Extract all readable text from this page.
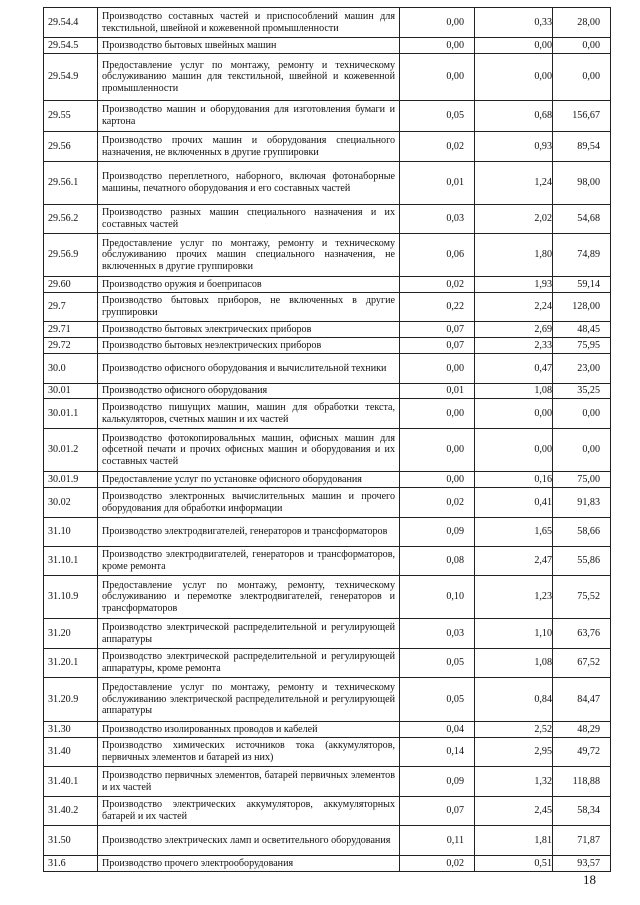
29.54.4	Производство составных частей и приспособлений машин для текстильной, швейной и кожевенной промышленности	0,00	0,33	28,00
29.54.5	Производство бытовых швейных машин	0,00	0,00	0,00
29.54.9	Предоставление услуг по монтажу, ремонту и техническому обслуживанию машин для текстильной, швейной и кожевенной промышленности	0,00	0,00	0,00
29.55	Производство машин и оборудования для изготовления бумаги и картона	0,05	0,68	156,67
29.56	Производство прочих машин и оборудования специального назначения, не включенных в другие группировки	0,02	0,93	89,54
29.56.1	Производство переплетного, наборного, включая фотонаборные машины, печатного оборудования и его составных частей	0,01	1,24	98,00
29.56.2	Производство разных машин специального назначения и их составных частей	0,03	2,02	54,68
29.56.9	Предоставление услуг по монтажу, ремонту и техническому обслуживанию прочих машин специального назначения, не включенных в другие группировки	0,06	1,80	74,89
29.60	Производство оружия и боеприпасов	0,02	1,93	59,14
29.7	Производство бытовых приборов, не включенных в другие группировки	0,22	2,24	128,00
29.71	Производство бытовых электрических приборов	0,07	2,69	48,45
29.72	Производство бытовых неэлектрических приборов	0,07	2,33	75,95
30.0	Производство офисного оборудования и вычислительной техники	0,00	0,47	23,00
30.01	Производство офисного оборудования	0,01	1,08	35,25
30.01.1	Производство пишущих машин, машин для обработки текста, калькуляторов, счетных машин и их частей	0,00	0,00	0,00
30.01.2	Производство фотокопировальных машин, офисных машин для офсетной печати и прочих офисных машин и оборудования и их составных частей	0,00	0,00	0,00
30.01.9	Предоставление услуг по установке офисного оборудования	0,00	0,16	75,00
30.02	Производство электронных вычислительных машин и прочего оборудования для обработки информации	0,02	0,41	91,83
31.10	Производство электродвигателей, генераторов и трансформаторов	0,09	1,65	58,66
31.10.1	Производство электродвигателей, генераторов и трансформаторов, кроме ремонта	0,08	2,47	55,86
31.10.9	Предоставление услуг по монтажу, ремонту, техническому обслуживанию и перемотке электродвигателей, генераторов и трансформаторов	0,10	1,23	75,52
31.20	Производство электрической распределительной и регулирующей аппаратуры	0,03	1,10	63,76
31.20.1	Производство электрической распределительной и регулирующей аппаратуры, кроме ремонта	0,05	1,08	67,52
31.20.9	Предоставление услуг по монтажу, ремонту и техническому обслуживанию электрической распределительной и регулирующей аппаратуры	0,05	0,84	84,47
31.30	Производство изолированных проводов и кабелей	0,04	2,52	48,29
31.40	Производство химических источников тока (аккумуляторов, первичных элементов и батарей из них)	0,14	2,95	49,72
31.40.1	Производство первичных элементов, батарей первичных элементов и их частей	0,09	1,32	118,88
31.40.2	Производство электрических аккумуляторов, аккумуляторных батарей и их частей	0,07	2,45	58,34
31.50	Производство электрических ламп и осветительного оборудования	0,11	1,81	71,87
31.6	Производство прочего электрооборудования	0,02	0,51	93,57
18
